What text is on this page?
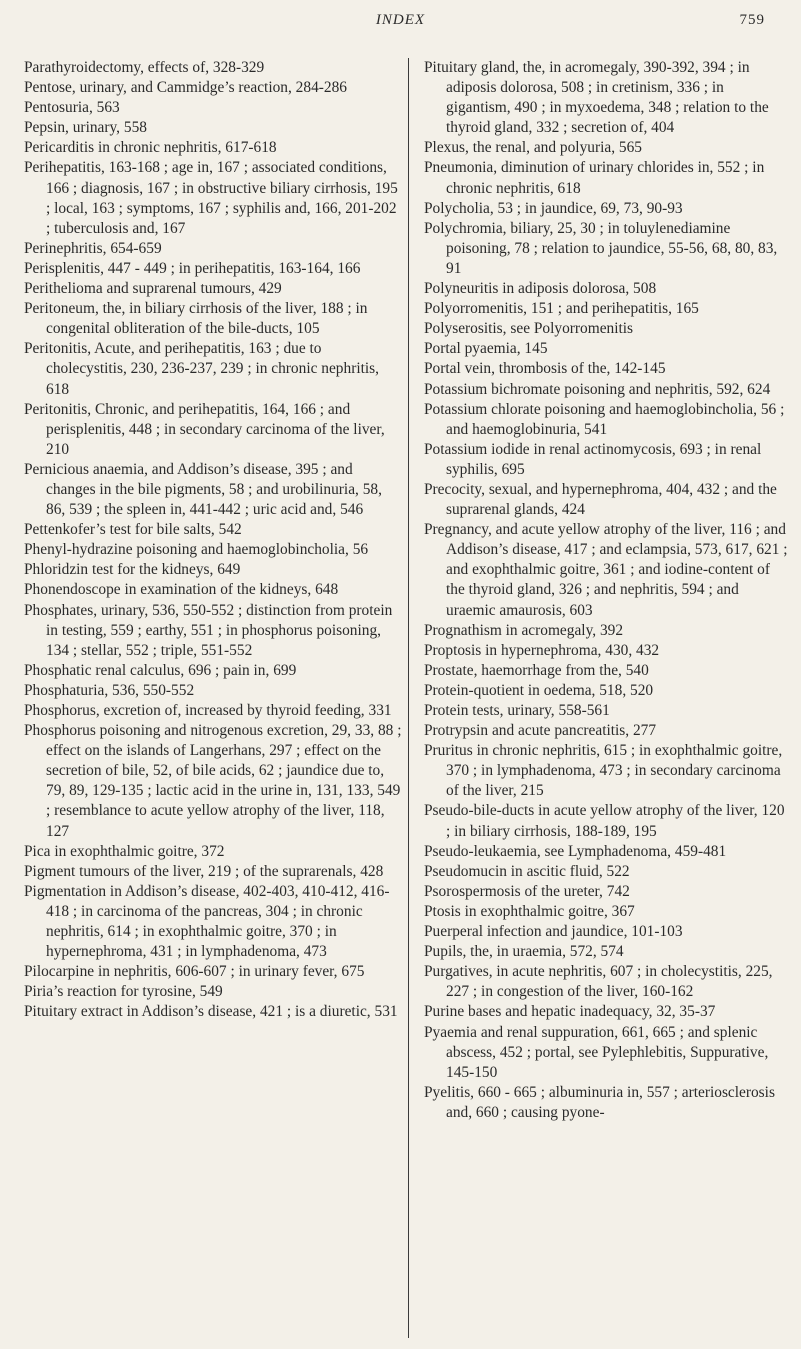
INDEX	759

Parathyroidectomy, effects of, 328-329

Pentose, urinary, and Cammidge’s reaction, 284-286

Pentosuria, 563

Pepsin, urinary, 558

Pericarditis in chronic nephritis, 617-618

Perihepatitis, 163-168 ; age in, 167 ; associated conditions, 166 ; diagnosis, 167 ; in obstructive biliary cirrhosis, 195 ; local, 163 ; symptoms, 167 ; syphilis and, 166, 201-202 ; tuberculosis and, 167

Perinephritis, 654-659

Perisplenitis, 447 - 449 ; in perihepatitis, 163-164, 166

Perithelioma and suprarenal tumours, 429

Peritoneum, the, in biliary cirrhosis of the liver, 188 ; in congenital obliteration of the bile-ducts, 105

Peritonitis, Acute, and perihepatitis, 163 ; due to cholecystitis, 230, 236-237, 239 ; in chronic nephritis, 618

Peritonitis, Chronic, and perihepatitis, 164, 166 ; and perisplenitis, 448 ; in secondary carcinoma of the liver, 210

Pernicious anaemia, and Addison’s disease, 395 ; and changes in the bile pigments, 58 ; and urobilinuria, 58, 86, 539 ; the spleen in, 441-442 ; uric acid and, 546

Pettenkofer’s test for bile salts, 542

Phenyl-hydrazine poisoning and haemoglobincholia, 56

Phloridzin test for the kidneys, 649

Phonendoscope in examination of the kidneys, 648

Phosphates, urinary, 536, 550-552 ; distinction from protein in testing, 559 ; earthy, 551 ; in phosphorus poisoning, 134 ; stellar, 552 ; triple, 551-552

Phosphatic renal calculus, 696 ; pain in, 699

Phosphaturia, 536, 550-552

Phosphorus, excretion of, increased by thyroid feeding, 331

Phosphorus poisoning and nitrogenous excretion, 29, 33, 88 ; effect on the islands of Langerhans, 297 ; effect on the secretion of bile, 52, of bile acids, 62 ; jaundice due to, 79, 89, 129-135 ; lactic acid in the urine in, 131, 133, 549 ; resemblance to acute yellow atrophy of the liver, 118, 127

Pica in exophthalmic goitre, 372

Pigment tumours of the liver, 219 ; of the suprarenals, 428

Pigmentation in Addison’s disease, 402-403, 410-412, 416-418 ; in carcinoma of the pancreas, 304 ; in chronic nephritis, 614 ; in exophthalmic goitre, 370 ; in hypernephroma, 431 ; in lymphadenoma, 473

Pilocarpine in nephritis, 606-607 ; in urinary fever, 675

Piria’s reaction for tyrosine, 549

Pituitary extract in Addison’s disease, 421 ; is a diuretic, 531

Pituitary gland, the, in acromegaly, 390-392, 394 ; in adiposis dolorosa, 508 ; in cretinism, 336 ; in gigantism, 490 ; in myxoedema, 348 ; relation to the thyroid gland, 332 ; secretion of, 404

Plexus, the renal, and polyuria, 565

Pneumonia, diminution of urinary chlorides in, 552 ; in chronic nephritis, 618

Polycholia, 53 ; in jaundice, 69, 73, 90-93

Polychromia, biliary, 25, 30 ; in toluylenediamine poisoning, 78 ; relation to jaundice, 55-56, 68, 80, 83, 91

Polyneuritis in adiposis dolorosa, 508

Polyorromenitis, 151 ; and perihepatitis, 165

Polyserositis, see Polyorromenitis

Portal pyaemia, 145

Portal vein, thrombosis of the, 142-145

Potassium bichromate poisoning and nephritis, 592, 624

Potassium chlorate poisoning and haemoglobincholia, 56 ; and haemoglobinuria, 541

Potassium iodide in renal actinomycosis, 693 ; in renal syphilis, 695

Precocity, sexual, and hypernephroma, 404, 432 ; and the suprarenal glands, 424

Pregnancy, and acute yellow atrophy of the liver, 116 ; and Addison’s disease, 417 ; and eclampsia, 573, 617, 621 ; and exophthalmic goitre, 361 ; and iodine-content of the thyroid gland, 326 ; and nephritis, 594 ; and uraemic amaurosis, 603

Prognathism in acromegaly, 392

Proptosis in hypernephroma, 430, 432

Prostate, haemorrhage from the, 540

Protein-quotient in oedema, 518, 520

Protein tests, urinary, 558-561

Protrypsin and acute pancreatitis, 277

Pruritus in chronic nephritis, 615 ; in exophthalmic goitre, 370 ; in lymphadenoma, 473 ; in secondary carcinoma of the liver, 215

Pseudo-bile-ducts in acute yellow atrophy of the liver, 120 ; in biliary cirrhosis, 188-189, 195

Pseudo-leukaemia, see Lymphadenoma, 459-481

Pseudomucin in ascitic fluid, 522

Psorospermosis of the ureter, 742

Ptosis in exophthalmic goitre, 367

Puerperal infection and jaundice, 101-103

Pupils, the, in uraemia, 572, 574

Purgatives, in acute nephritis, 607 ; in cholecystitis, 225, 227 ; in congestion of the liver, 160-162

Purine bases and hepatic inadequacy, 32, 35-37

Pyaemia and renal suppuration, 661, 665 ; and splenic abscess, 452 ; portal, see Pylephlebitis, Suppurative, 145-150

Pyelitis, 660 - 665 ; albuminuria in, 557 ; arteriosclerosis and, 660 ; causing pyone-
